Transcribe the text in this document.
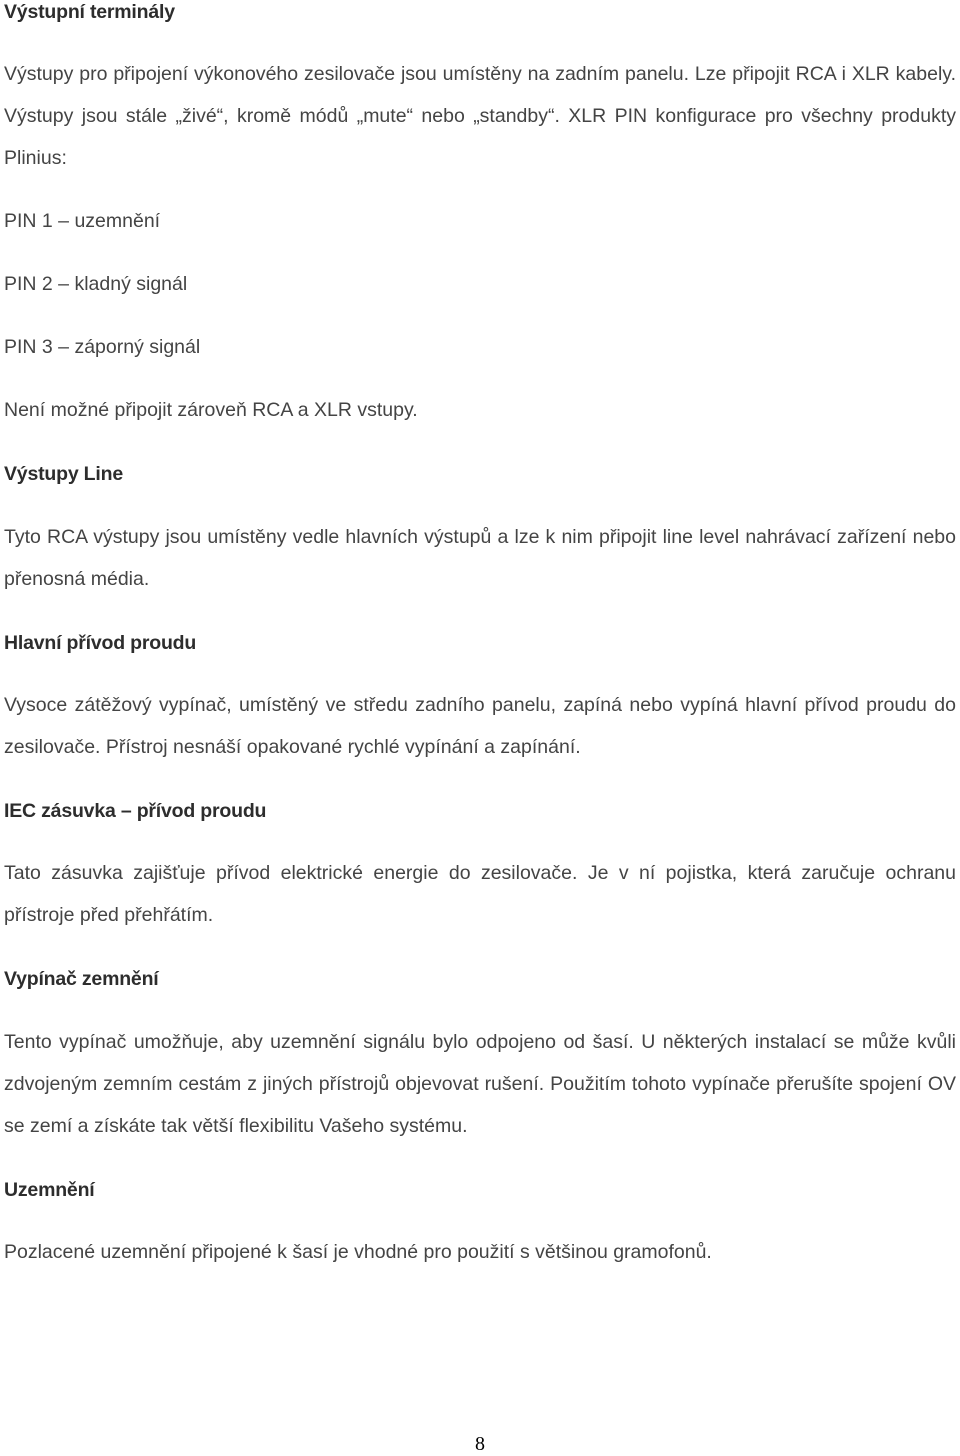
Výstupní terminály

Výstupy pro připojení výkonového zesilovače jsou umístěny na zadním panelu. Lze připojit RCA i XLR kabely. Výstupy jsou stále „živé“, kromě módů „mute“ nebo „standby“. XLR PIN konfigurace pro všechny produkty Plinius:

PIN 1 – uzemnění

PIN 2 – kladný signál

PIN 3 – záporný signál

Není možné připojit zároveň RCA a XLR vstupy.

Výstupy Line

Tyto RCA výstupy jsou umístěny vedle hlavních výstupů a lze k nim připojit line level nahrávací zařízení nebo přenosná média.

Hlavní přívod proudu

Vysoce zátěžový vypínač, umístěný ve středu zadního panelu, zapíná nebo vypíná hlavní přívod proudu do zesilovače. Přístroj nesnáší opakované rychlé vypínání a zapínání.

IEC zásuvka – přívod proudu

Tato zásuvka zajišťuje přívod elektrické energie do zesilovače. Je v ní pojistka, která zaručuje ochranu přístroje před přehřátím.

Vypínač zemnění

Tento vypínač umožňuje, aby uzemnění signálu bylo odpojeno od šasí. U některých instalací se může kvůli zdvojeným zemním cestám z jiných přístrojů objevovat rušení. Použitím tohoto vypínače přerušíte spojení OV se zemí a získáte tak větší flexibilitu Vašeho systému.

Uzemnění

Pozlacené uzemnění připojené k šasí je vhodné pro použití s většinou gramofonů.

8
